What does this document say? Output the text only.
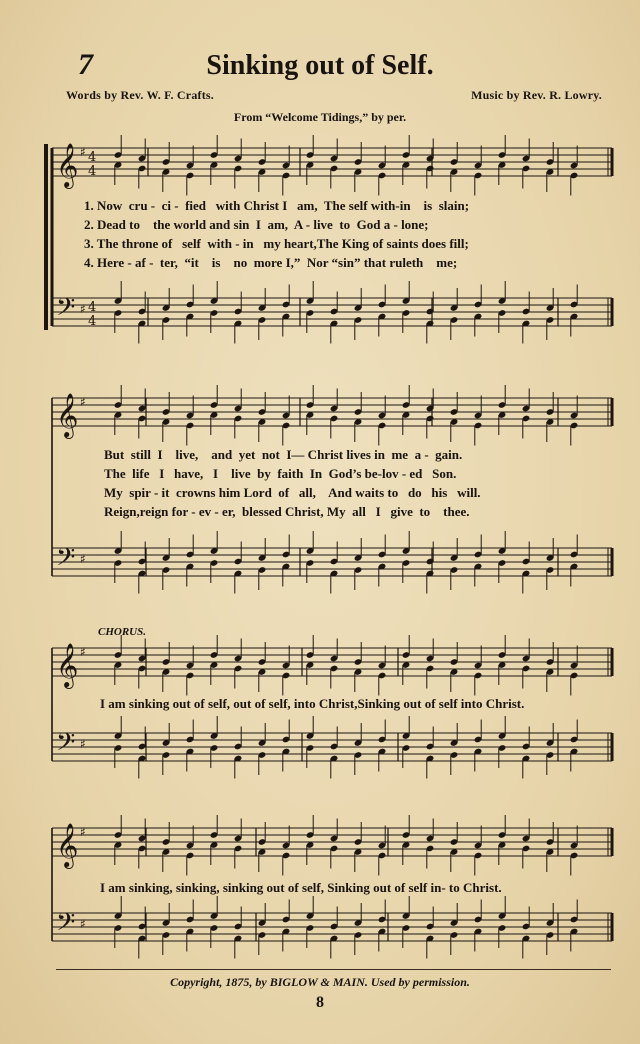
7	Sinking out of Self.
Words by Rev. W. F. Crafts.	Music by Rev. R. Lowry.
From “Welcome Tidings,” by per.
𝄞
𝄢
♯
♯
4
4
4
4
𝄞
𝄢
♯
♯
𝄞
𝄢
♯
♯
𝄞
𝄢
♯
♯
1. Now  cru -  ci -  fied   with Christ I   am,  The self with-in    is  slain;
2. Dead to    the world and sin  I  am,  A - live  to  God a - lone;
3. The throne of   self  with - in   my heart,The King of saints does fill;
4. Here - af -  ter,  “it    is    no  more I,”  Nor “sin” that ruleth    me;
But  still  I    live,    and  yet  not  I— Christ lives in  me  a -  gain.
The  life   I   have,   I    live  by  faith  In  God’s be-lov - ed   Son.
My  spir - it  crowns him Lord  of   all,    And waits to   do   his   will.
Reign,reign for - ev - er,  blessed Christ, My  all   I   give  to    thee.
CHORUS.
I am sinking out of self, out of self, into Christ,Sinking out of self into Christ.
I am sinking, sinking, sinking out of self, Sinking out of self in- to Christ.
Copyright, 1875, by BIGLOW & MAIN. Used by permission.
8
